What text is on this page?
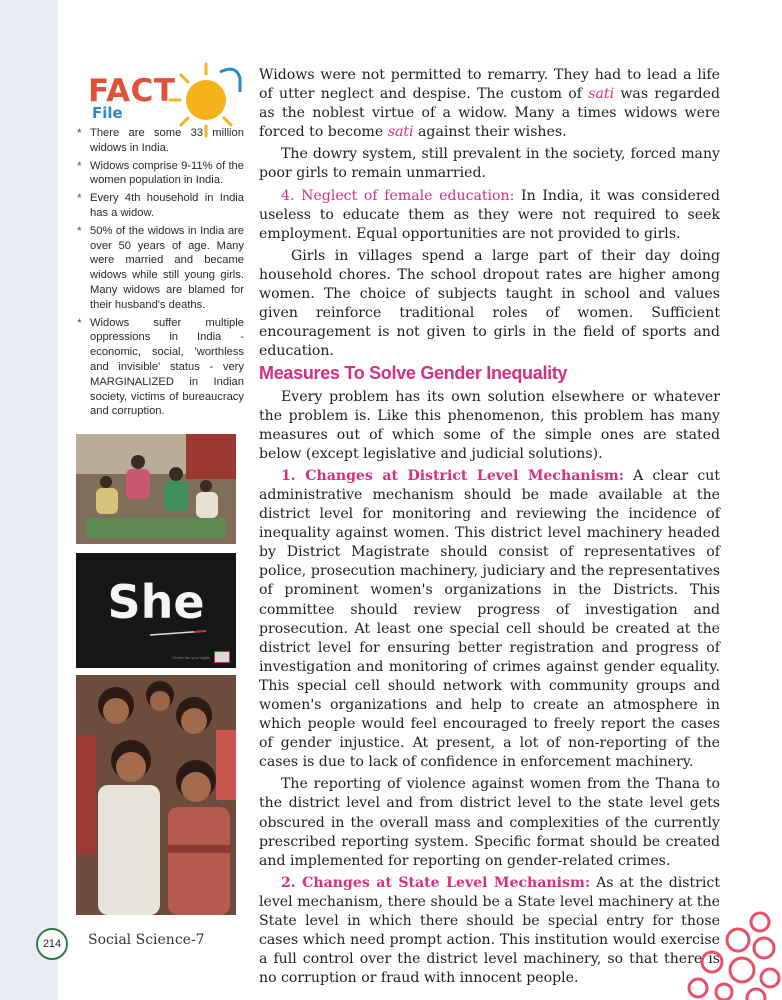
FACT
File
* There are some 33 million widows in India.
* Widows comprise 9-11% of the women population in India.
* Every 4th household in India has a widow.
* 50% of the widows in India are over 50 years of age. Many were married and became widows while still young girls. Many widows are blamed for their husband's deaths.
* Widows suffer multiple oppressions in India - economic, social, 'worthless and invisible' status - very MARGINALIZED in Indian society, victims of bureaucracy and corruption.
She
Check the your rights

Widows were not permitted to remarry. They had to lead a life of utter neglect and despise. The custom of sati was regarded as the noblest virtue of a widow. Many a times widows were forced to become sati against their wishes.

The dowry system, still prevalent in the society, forced many poor girls to remain unmarried.

4. Neglect of female education: In India, it was considered useless to educate them as they were not required to seek employment. Equal opportunities are not provided to girls.

Girls in villages spend a large part of their day doing household chores. The school dropout rates are higher among women. The choice of subjects taught in school and values given reinforce traditional roles of women. Sufficient encouragement is not given to girls in the field of sports and education.

Measures To Solve Gender Inequality

Every problem has its own solution elsewhere or whatever the problem is. Like this phenomenon, this problem has many measures out of which some of the simple ones are stated below (except legislative and judicial solutions).

1. Changes at District Level Mechanism: A clear cut administrative mechanism should be made available at the district level for monitoring and reviewing the incidence of inequality against women. This district level machinery headed by District Magistrate should consist of representatives of police, prosecution machinery, judiciary and the representatives of prominent women's organizations in the Districts. This committee should review progress of investigation and prosecution. At least one special cell should be created at the district level for ensuring better registration and progress of investigation and monitoring of crimes against gender equality. This special cell should network with community groups and women's organizations and help to create an atmosphere in which people would feel encouraged to freely report the cases of gender injustice. At present, a lot of non-reporting of the cases is due to lack of confidence in enforcement machinery.

The reporting of violence against women from the Thana to the district level and from district level to the state level gets obscured in the overall mass and complexities of the currently prescribed reporting system. Specific format should be created and implemented for reporting on gender-related crimes.

2. Changes at State Level Mechanism: As at the district level mechanism, there should be a State level machinery at the State level in which there should be special entry for those cases which need prompt action. This institution would exercise a full control over the district level machinery, so that there is no corruption or fraud with innocent people.

214	Social Science-7
